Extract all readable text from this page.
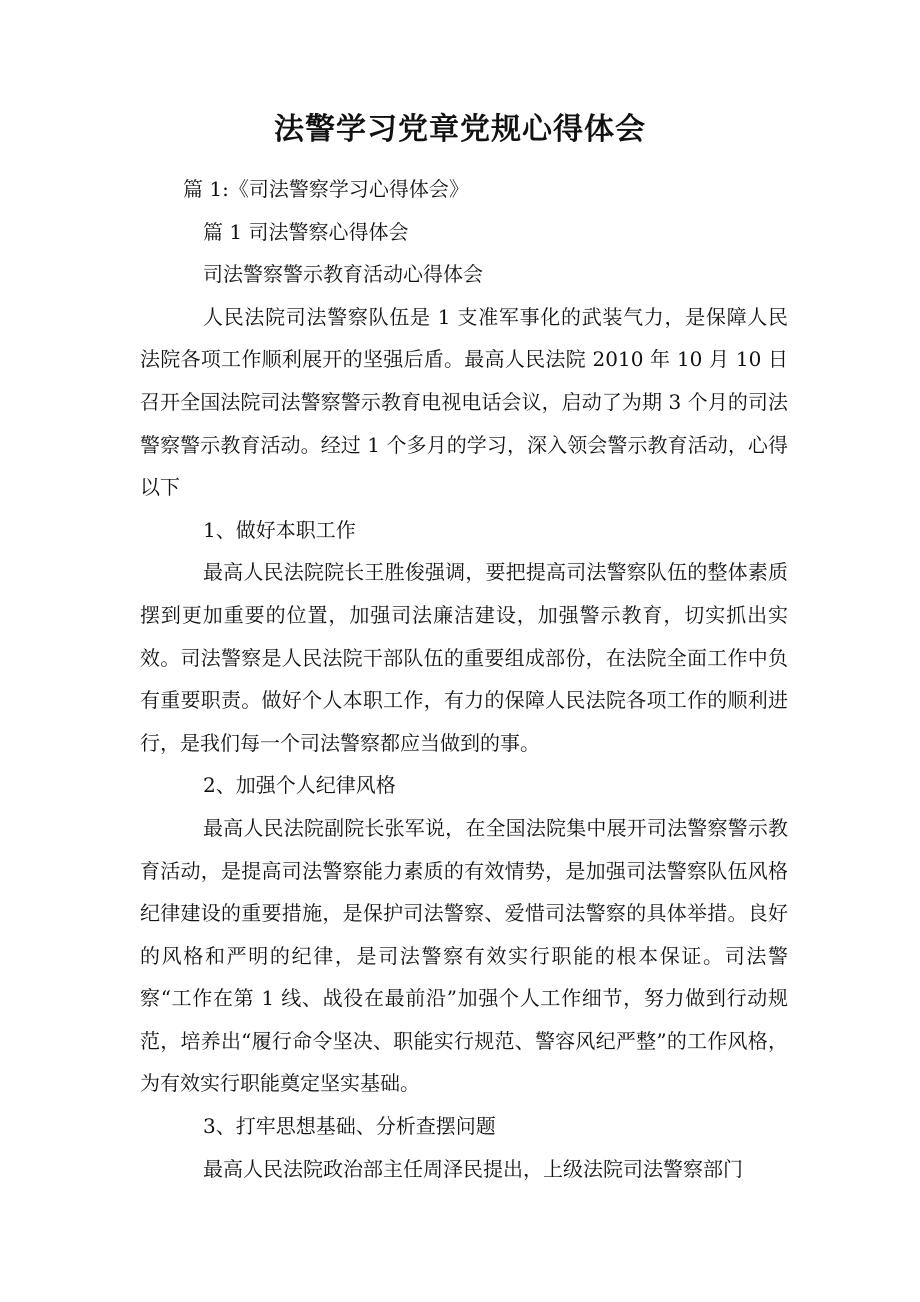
法警学习党章党规心得体会

篇 1:《司法警察学习心得体会》

篇 1 司法警察心得体会

司法警察警示教育活动心得体会

人民法院司法警察队伍是 1 支准军事化的武装气力，是保障人民法院各项工作顺利展开的坚强后盾。最高人民法院 2010 年 10 月 10 日召开全国法院司法警察警示教育电视电话会议，启动了为期 3 个月的司法警察警示教育活动。经过 1 个多月的学习，深入领会警示教育活动，心得以下

1、做好本职工作

最高人民法院院长王胜俊强调，要把提高司法警察队伍的整体素质摆到更加重要的位置，加强司法廉洁建设，加强警示教育，切实抓出实效。司法警察是人民法院干部队伍的重要组成部份，在法院全面工作中负有重要职责。做好个人本职工作，有力的保障人民法院各项工作的顺利进行，是我们每一个司法警察都应当做到的事。

2、加强个人纪律风格

最高人民法院副院长张军说，在全国法院集中展开司法警察警示教育活动，是提高司法警察能力素质的有效情势，是加强司法警察队伍风格纪律建设的重要措施，是保护司法警察、爱惜司法警察的具体举措。良好的风格和严明的纪律，是司法警察有效实行职能的根本保证。司法警察“工作在第 1 线、战役在最前沿”加强个人工作细节，努力做到行动规范，培养出“履行命令坚决、职能实行规范、警容风纪严整”的工作风格，为有效实行职能奠定坚实基础。

3、打牢思想基础、分析查摆问题

最高人民法院政治部主任周泽民提出，上级法院司法警察部门
